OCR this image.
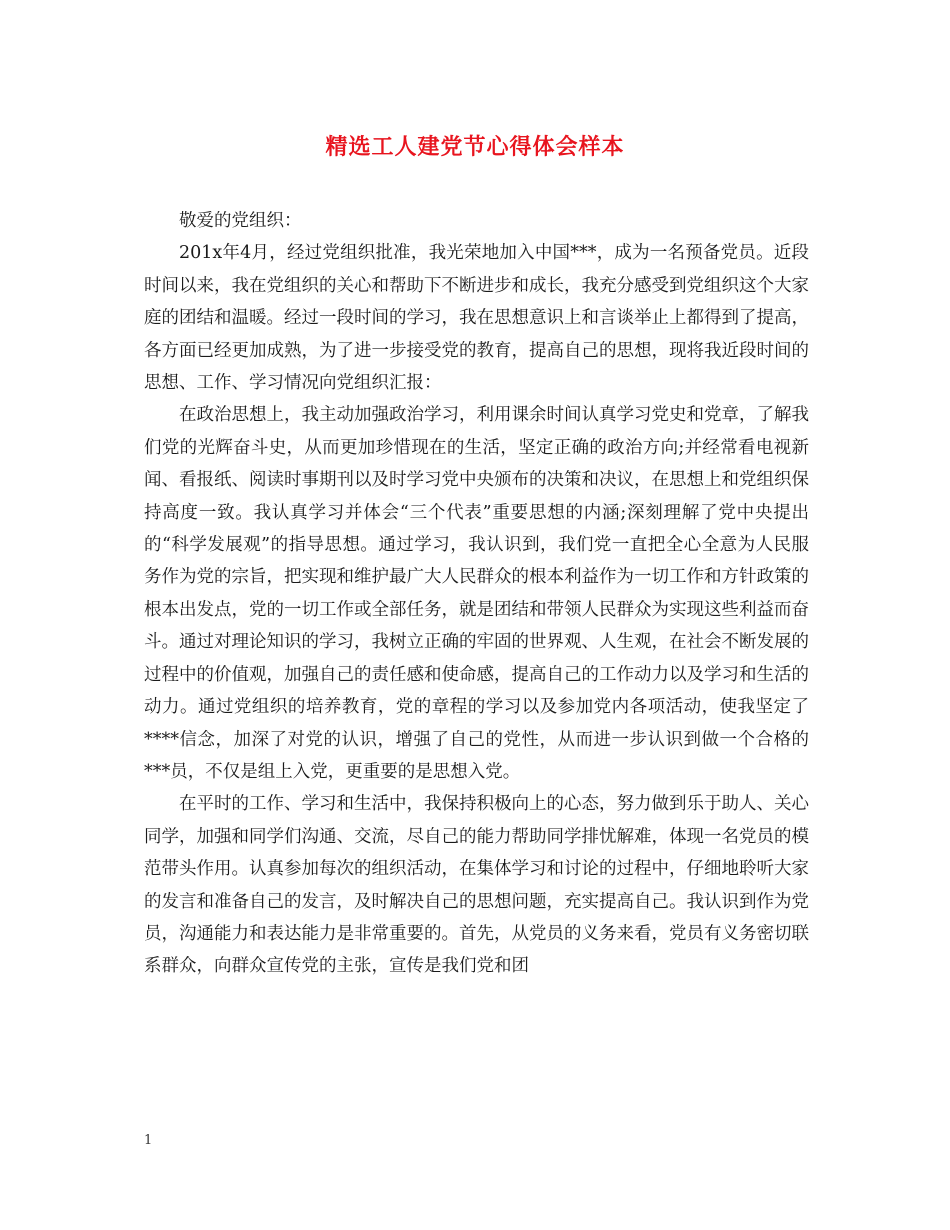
精选工人建党节心得体会样本

敬爱的党组织：

201x年4月，经过党组织批准，我光荣地加入中国***，成为一名预备党员。近段时间以来，我在党组织的关心和帮助下不断进步和成长，我充分感受到党组织这个大家庭的团结和温暖。经过一段时间的学习，我在思想意识上和言谈举止上都得到了提高，各方面已经更加成熟，为了进一步接受党的教育，提高自己的思想，现将我近段时间的思想、工作、学习情况向党组织汇报：

在政治思想上，我主动加强政治学习，利用课余时间认真学习党史和党章，了解我们党的光辉奋斗史，从而更加珍惜现在的生活，坚定正确的政治方向;并经常看电视新闻、看报纸、阅读时事期刊以及时学习党中央颁布的决策和决议，在思想上和党组织保持高度一致。我认真学习并体会“三个代表”重要思想的内涵;深刻理解了党中央提出的“科学发展观”的指导思想。通过学习，我认识到，我们党一直把全心全意为人民服务作为党的宗旨，把实现和维护最广大人民群众的根本利益作为一切工作和方针政策的根本出发点，党的一切工作或全部任务，就是团结和带领人民群众为实现这些利益而奋斗。通过对理论知识的学习，我树立正确的牢固的世界观、人生观，在社会不断发展的过程中的价值观，加强自己的责任感和使命感，提高自己的工作动力以及学习和生活的动力。通过党组织的培养教育，党的章程的学习以及参加党内各项活动，使我坚定了****信念，加深了对党的认识，增强了自己的党性，从而进一步认识到做一个合格的***员，不仅是组上入党，更重要的是思想入党。

在平时的工作、学习和生活中，我保持积极向上的心态，努力做到乐于助人、关心同学，加强和同学们沟通、交流，尽自己的能力帮助同学排忧解难，体现一名党员的模范带头作用。认真参加每次的组织活动，在集体学习和讨论的过程中，仔细地聆听大家的发言和准备自己的发言，及时解决自己的思想问题，充实提高自己。我认识到作为党员，沟通能力和表达能力是非常重要的。首先，从党员的义务来看，党员有义务密切联系群众，向群众宣传党的主张，宣传是我们党和团

1
